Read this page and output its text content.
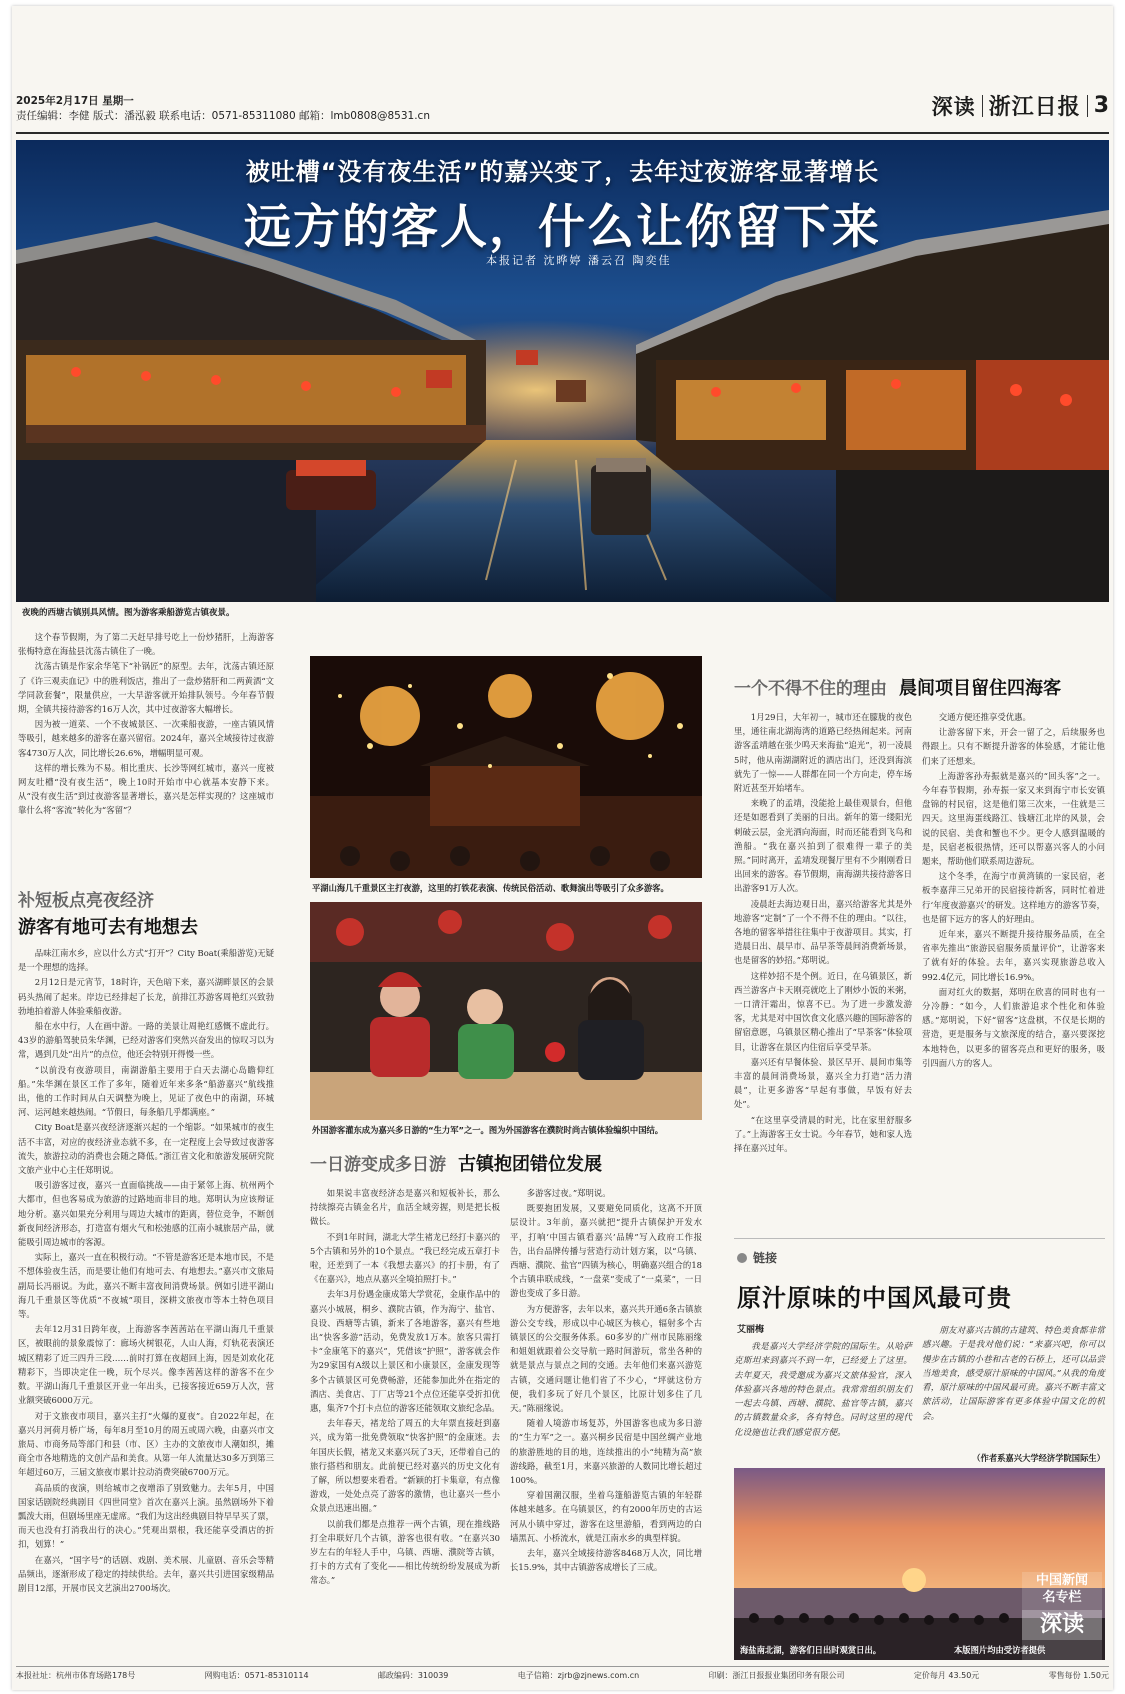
2025年2月17日 星期一
责任编辑：李健 版式：潘泓毅 联系电话：0571-85311080 邮箱：lmb0808@8531.cn	深读 浙江日报 3
被吐槽“没有夜生活”的嘉兴变了，去年过夜游客显著增长
远方的客人，什么让你留下来
本报记者 沈晔婷 潘云召 陶奕佳
夜晚的西塘古镇别具风情。图为游客乘船游览古镇夜景。

这个春节假期，为了第二天赶早排号吃上一份炒猪肝，上海游客张梅特意在海盐县沈荡古镇住了一晚。

沈荡古镇是作家余华笔下“补锅匠”的原型。去年，沈荡古镇还原了《许三观卖血记》中的胜利饭店，推出了一盘炒猪肝和二两黄酒“文学同款套餐”，限量供应，一大早游客就开始排队领号。今年春节假期，全镇共接待游客约16万人次，其中过夜游客大幅增长。

因为被一道菜、一个不夜城景区、一次乘船夜游，一座古镇风情等吸引，越来越多的游客在嘉兴留宿。2024年，嘉兴全域接待过夜游客4730万人次，同比增长26.6%，增幅明显可观。

这样的增长殊为不易。相比重庆、长沙等网红城市，嘉兴一度被网友吐槽“没有夜生活”，晚上10时开始市中心就基本安静下来。从“没有夜生活”到过夜游客显著增长，嘉兴是怎样实现的？这座城市靠什么将“客流”转化为“客留”？

补短板点亮夜经济
游客有地可去有地想去

品味江南水乡，应以什么方式“打开”？City Boat(乘船游览)无疑是一个理想的选择。

2月12日是元宵节，18时许，天色暗下来，嘉兴湖畔景区的会景码头热闹了起来。岸边已经排起了长龙，前排江苏游客周艳红兴致勃勃地拍着游人体验乘船夜游。

船在水中行，人在画中游。一路的美景让周艳红感慨不虚此行。43岁的游船驾驶员朱华渊，已经对游客们突然兴奋发出的惊叹习以为常，遇到几处“出片”的点位，他还会特别开得慢一些。

“以前没有夜游项目，南湖游船主要用于白天去湖心岛瞻仰红船。”朱华渊在景区工作了多年，随着近年来多条“船游嘉兴”航线推出，他的工作时间从白天调整为晚上，见证了夜色中的南湖，环城河、运河越来越热闹。“节假日，每条船几乎都满座。”

City Boat是嘉兴夜经济逐渐兴起的一个缩影。“如果城市的夜生活不丰富，对应的夜经济业态就不多，在一定程度上会导致过夜游客流失，旅游拉动的消费也会随之降低。”浙江省文化和旅游发展研究院文旅产业中心主任郑明说。

吸引游客过夜，嘉兴一直面临挑战——由于紧邻上海、杭州两个大都市，但也客易成为旅游的过路地而非目的地。郑明认为应该辩证地分析。嘉兴如果充分利用与周边大城市的距离，替位竞争，不断创新夜间经济形态，打造富有烟火气和松弛感的江南小城旅居产品，就能吸引周边城市的客源。

实际上，嘉兴一直在积极行动。“不管是游客还是本地市民，不是不想体验夜生活，而是要让他们有地可去、有地想去。”嘉兴市文旅局副局长冯丽说。为此，嘉兴不断丰富夜间消费场景。例如引进平湖山海几千重景区等优质“不夜城”项目，深耕文旅夜市等本土特色项目等。

去年12月31日跨年夜，上海游客李茜茜站在平湖山海几千重景区，被眼前的景象震惊了：廊场火树银花，人山人海，灯轨花表演还城区精彩了近三四升三段……前时打算在夜超回上海，因是刘欢化花精彩下，当即决定住一晚，玩个尽兴。像李茜茜这样的游客不在少数。平湖山海几千重景区开业一年出头，已接客接近659万人次，营业额突破6000万元。

对于文旅夜市项目，嘉兴主打“火爆的夏夜”。自2022年起，在嘉兴月河荷月桥广场，每年8月至10月的周五或周六晚，由嘉兴市文旅局、市商务局等部门和县（市、区）主办的文旅夜市人潮如织，摊商全市各地精选的文创产品和美食。从第一年人流量达30多万到第三年超过60万，三届文旅夜市累计拉动消费突破6700万元。

高品质的夜演，则给城市之夜增添了别致魅力。去年5月，中国国家话剧院经典剧目《四世同堂》首次在嘉兴上演。虽然剧场外下着瓢泼大雨，但剧场里座无虚席。“我们为这出经典剧目特早早买了票，而天也没有打消我出行的决心。”凭观出票根，我还能享受酒店的折扣，划算！”

在嘉兴，“国字号”的话剧、戏剧、美术展、儿童剧、音乐会等精品频出，逐渐形成了稳定的持续供给。去年，嘉兴共引进国家级精品剧目12部，开展市民文艺演出2700场次。

平湖山海几千重景区主打夜游，这里的打铁花表演、传统民俗活动、歌舞演出等吸引了众多游客。
外国游客灌东成为嘉兴多日游的“生力军”之一。图为外国游客在濮院时尚古镇体验编织中国结。
一日游变成多日游 古镇抱团错位发展

如果说丰富夜经济态是嘉兴和短板补长，那么持续擦亮古镇金名片，血活全域旁握，则是把长板做长。

不到1年时间，湖北大学生褚龙已经打卡嘉兴的5个古镇和另外的10个景点。“我已经完成五章打卡啦，还差到了一本《我想去嘉兴》的打卡册，有了《在嘉兴》，地点从嘉兴全境拍照打卡。”

去年3月份遇金康成第大学赏花，金康作品中的嘉兴小城展，桐乡、濮院古镇，作为海宁、盐官、良设、西塘等古镇，新来了各地游客，嘉兴有些地出“快客多游”活动，免费发放1万本。旅客只需打卡“金康笔下的嘉兴”，凭借该“护照”，游客就会作为29家国有A级以上景区和小康景区，金康发现等多个古镇景区可免费畅游，还能参加此外在指定的酒店、美食店、丁厂店等21个点位还能享受折扣优惠，集齐7个打卡点位的游客还能领取文旅纪念品。

去年春天，褚龙给了周五的大年票直接赶到嘉兴，成为第一批免费领取“快客护照”的金康迷。去年国庆长假，褚龙又来嘉兴玩了3天，还带着自己的旅行搭档和朋友。此前便已经对嘉兴的历史文化有了解，所以想要来看看。“新颖的打卡集章，有点像游戏，一处处点亮了游客的激情，也让嘉兴一些小众景点迅速出圈。”

以前我们都是点推荐一两个古镇，现在推线路打全串联好几个古镇，游客也很有收。“在嘉兴30岁左右的年轻人手中，乌镇、西塘、濮院等古镇，打卡的方式有了变化——相比传统纷纷发展成为新常态。”

多游客过夜。”郑明说。

既要抱团发展，又要避免同质化，这离不开顶层设计。3年前，嘉兴就把“提升古镇保护开发水平，打响‘中国古镇看嘉兴’品牌”写入政府工作报告，出台品牌传播与营造行动计划方案，以“乌镇、西塘、濮院、盐官”四镇为核心，明确嘉兴组合的18个古镇串联成线，“一盘菜”变成了“一桌菜”，一日游也变成了多日游。

为方便游客，去年以来，嘉兴共开通6条古镇旅游公交专线，形成以中心城区为核心，辐射多个古镇景区的公交服务体系。60多岁的广州市民陈丽缘和姐姐就跟着公交导航一路时间游玩，常坐各种的就是景点与景点之间的交通。去年他们来嘉兴游览古镇，交通问题让他们省了不少心，“坪就这份方便，我们多玩了好几个景区，比原计划多住了几天。”陈丽缘说。

随着人境游市场复苏，外国游客也成为多日游的“生力军”之一。嘉兴桐乡民宿是中国丝绸产业地的旅游胜地的目的地，连续推出的小“纯精为高”旅游线路，截至1月，来嘉兴旅游的人数同比增长超过100%。

穿着国潮汉服，坐着乌篷船游览古镇的年轻群体越来越多。在乌镇景区，约有2000年历史的古运河从小镇中穿过，游客在这里游船，看到两边的白墙黑瓦、小桥流水，就是江南水乡的典型样貌。

去年，嘉兴全域接待游客8468万人次，同比增长15.9%，其中古镇游客成增长了三成。

一个不得不住的理由 晨间项目留住四海客

1月29日，大年初一，城市还在朦胧的夜色里，通往南北湖海湾的道路已经热闹起来。河南游客孟靖越在张少鸣天来海盐“追光”，初一凌晨5时，他从南湖湖附近的酒店出门，还没到海滨就先了一惊——人群都在同一个方向走，停车场附近甚至开始堵车。

来晚了的孟靖，没能抢上最佳观景台，但他还是如愿看到了美丽的日出。新年的第一缕阳光刺破云层，金光洒向海面，时而还能看到飞鸟和渔船。“我在嘉兴拍到了很难得一辈子的美照。”同时离开，孟靖发现餐厅里有不少刚刚看日出回来的游客。春节假期，南海湖共接待游客日出游客91万人次。

凌晨赶去海边观日出，嘉兴给游客尤其是外地游客“定制”了一个不得不住的理由。“以往，各地的留客举措往往集中于夜游项目。其实，打造晨日出、晨早市、品早茶等晨间消费新场景，也是留客的妙招。”郑明说。

这样妙招不是个例。近日，在乌镇景区，新西兰游客卢卡天刚亮就吃上了刚炒小饭的米粥，一口清汗霜出，惊喜不已。为了进一步激发游客，尤其是对中国饮食文化感兴趣的国际游客的留宿意愿，乌镇景区精心推出了“早茶客”体验项目，让游客在景区内住宿后享受早茶。

嘉兴还有早餐体验、景区早开、晨间市集等丰富的晨间消费场景，嘉兴全力打造“活力清晨”，让更多游客“早起有事做，早饭有好去处”。

“在这里享受清晨的时光，比在家里舒服多了。”上海游客王女士说。今年春节，她和家人选择在嘉兴过年。

交通方便还推享受优惠。

让游客留下来，开会一留了之，后续服务也得跟上。只有不断提升游客的体验感，才能让他们来了还想来。

上海游客孙寿振就是嘉兴的“回头客”之一。今年春节假期，孙寿振一家又来到海宁市长安镇盘锦的村民宿，这是他们第三次来，一住就是三四天。这里海蛋线路江、钱塘江北岸的风景，会说的民宿、美食和蟹也不少。更令人感到温暖的是，民宿老板很热情，还可以帮嘉兴客人的小问题来，帮助他们联系周边游玩。

这个冬季，在海宁市黄湾镇的一家民宿，老板李嘉萍三兄弟开的民宿接待新客，同时忙着进行‘年度夜游嘉兴’的研发。这样地方的游客节奏，也是留下远方的客人的好理由。

近年来，嘉兴不断提升接待服务品质，在全省率先推出“旅游民宿服务质量评价”，让游客来了就有好的体验。去年，嘉兴实现旅游总收入992.4亿元，同比增长16.9%。

面对红火的数据，郑明在欣喜的同时也有一分冷静：“如今，人们旅游追求个性化和体验感。”郑明说，下好“留客”这盘棋，不仅是长期的营造，更是服务与文旅深度的结合，嘉兴要深挖本地特色，以更多的留客亮点和更好的服务，吸引四面八方的客人。

链接
原汁原味的中国风最可贵
艾丽梅

我是嘉兴大学经济学院的国际生。从哈萨克斯坦来到嘉兴不到一年，已经爱上了这里。去年夏天，我受邀成为嘉兴文旅体验官，深入体验嘉兴各地的特色景点。我常常组织朋友们一起去乌镇、西塘、濮院、盐官等古镇，嘉兴的古镇数量众多，各有特色。同时这里的现代化设施也让我们感觉很方便。

朋友对嘉兴古镇的古建筑、特色美食都非常感兴趣。于是我对他们说：“来嘉兴吧，你可以慢步在古镇的小巷和古老的石桥上，还可以品尝当地美食，感受原汁原味的中国风。”从我的角度看，原汁原味的中国风最可贵。嘉兴不断丰富文旅活动，让国际游客有更多体验中国文化的机会。

（作者系嘉兴大学经济学院国际生）
海盐南北湖，游客们日出时观赏日出。	本版图片均由受访者提供
中国新闻
名专栏
深读
本报社址：杭州市体育场路178号	网购电话：0571-85310114	邮政编码：310039	电子信箱：zjrb@zjnews.com.cn	印刷：浙江日报报业集团印务有限公司	定价每月 43.50元	零售每份 1.50元
